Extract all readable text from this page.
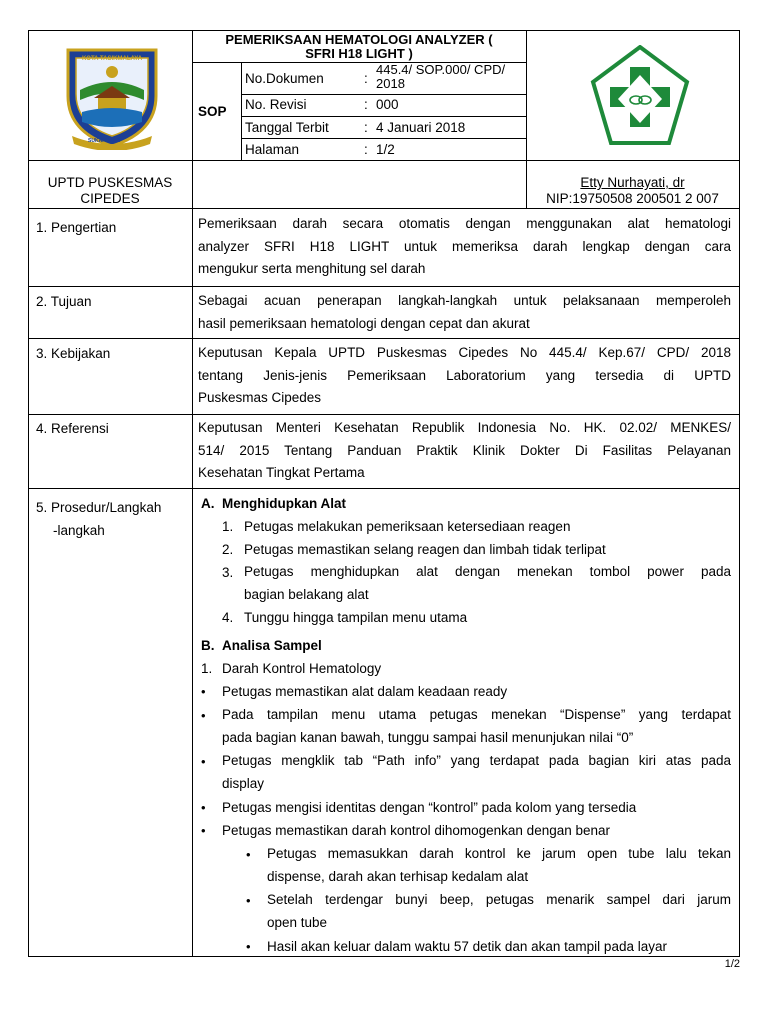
KOTA TASIKMALAYA
SUKAPURNA
PEMERIKSAAN HEMATOLOGI ANALYZER (
SFRI H18 LIGHT )
SOP
No.Dokumen	:
445.4/ SOP.000/ CPD/
2018
No. Revisi	: 000
Tanggal Terbit	: 4 Januari 2018
Halaman	: 1/2
UPTD PUSKESMAS
CIPEDES
Etty Nurhayati, dr
NIP:19750508 200501 2 007
1. Pengertian	Pemeriksaan darah secara otomatis dengan menggunakan alat hematologi
analyzer SFRI H18 LIGHT untuk memeriksa darah lengkap dengan cara
mengukur serta menghitung sel darah
2. Tujuan	Sebagai acuan penerapan langkah-langkah untuk pelaksanaan memperoleh
hasil pemeriksaan hematologi dengan cepat dan akurat
3. Kebijakan	Keputusan Kepala UPTD Puskesmas Cipedes No 445.4/ Kep.67/ CPD/ 2018
tentang Jenis-jenis Pemeriksaan Laboratorium yang tersedia di UPTD
Puskesmas Cipedes
4. Referensi	Keputusan Menteri Kesehatan Republik Indonesia No. HK. 02.02/ MENKES/
514/ 2015 Tentang Panduan Praktik Klinik Dokter Di Fasilitas Pelayanan
Kesehatan Tingkat Pertama
5. Prosedur/Langkah
-langkah
A. Menghidupkan Alat
1. Petugas melakukan pemeriksaan ketersediaan reagen
2. Petugas memastikan selang reagen dan limbah tidak terlipat
3. Petugas menghidupkan alat dengan menekan tombol power pada
bagian belakang alat
4. Tunggu hingga tampilan menu utama
B. Analisa Sampel
1. Darah Kontrol Hematology
• Petugas memastikan alat dalam keadaan ready
• Pada tampilan menu utama petugas menekan “Dispense” yang terdapat
pada bagian kanan bawah, tunggu sampai hasil menunjukan nilai “0”
• Petugas mengklik tab “Path info” yang terdapat pada bagian kiri atas pada
display
• Petugas mengisi identitas dengan “kontrol” pada kolom yang tersedia
• Petugas memastikan darah kontrol dihomogenkan dengan benar
• Petugas memasukkan darah kontrol ke jarum open tube lalu tekan
dispense, darah akan terhisap kedalam alat
• Setelah terdengar bunyi beep, petugas menarik sampel dari jarum
open tube
• Hasil akan keluar dalam waktu 57 detik dan akan tampil pada layar
1/2
